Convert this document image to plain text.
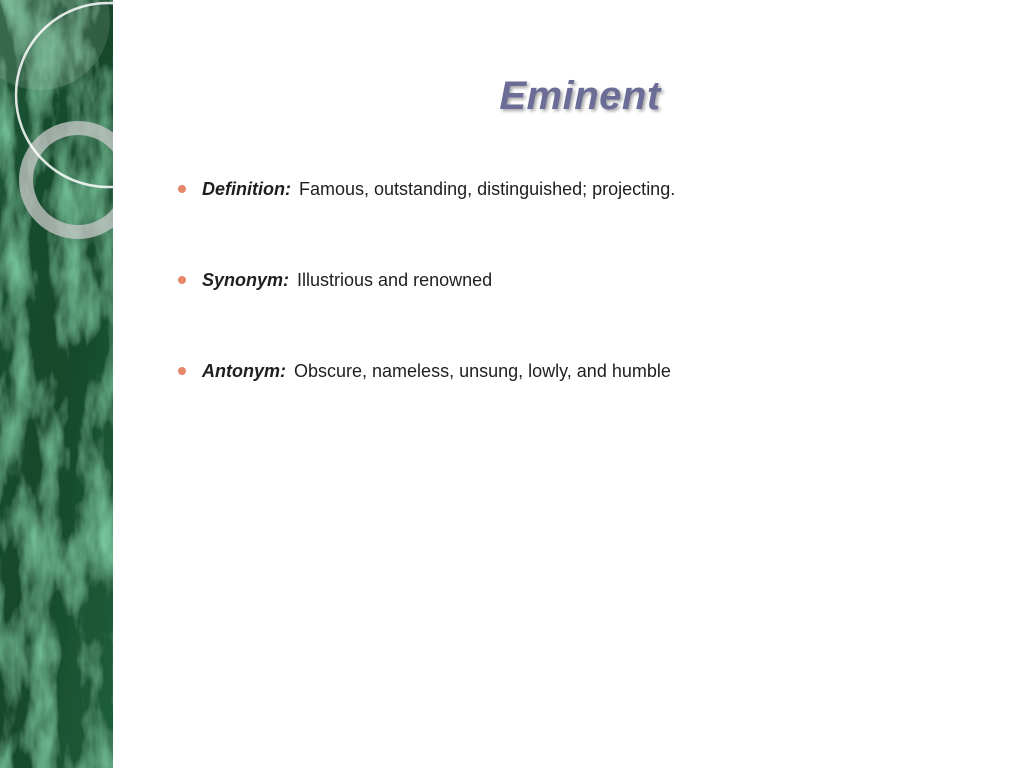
Eminent
Definition: Famous, outstanding, distinguished; projecting.
Synonym: Illustrious and renowned
Antonym: Obscure, nameless, unsung, lowly, and humble
